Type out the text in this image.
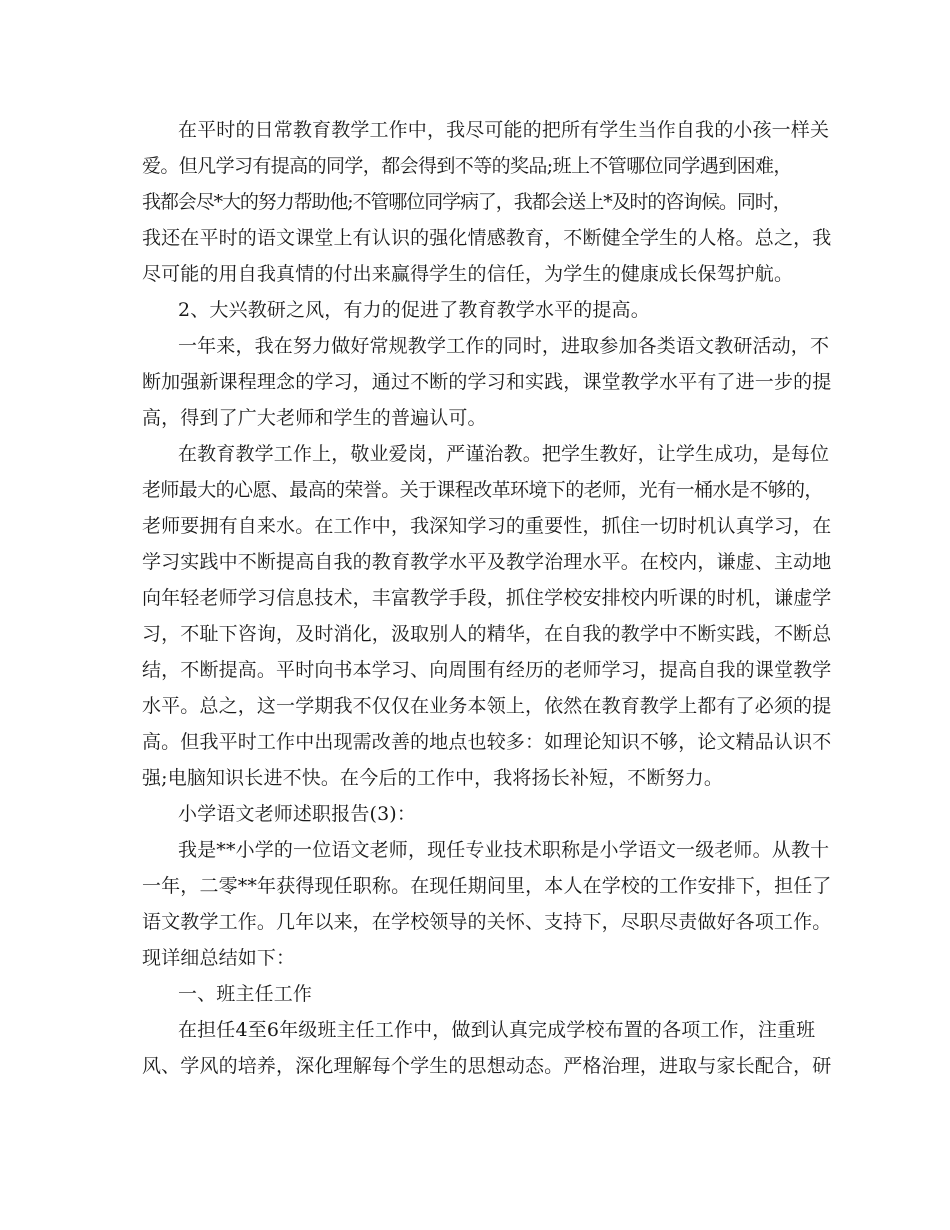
在平时的日常教育教学工作中，我尽可能的把所有学生当作自我的小孩一样关
爱。但凡学习有提高的同学，都会得到不等的奖品;班上不管哪位同学遇到困难，
我都会尽*大的努力帮助他;不管哪位同学病了，我都会送上*及时的咨询候。同时，
我还在平时的语文课堂上有认识的强化情感教育，不断健全学生的人格。总之，我
尽可能的用自我真情的付出来赢得学生的信任，为学生的健康成长保驾护航。
2、大兴教研之风，有力的促进了教育教学水平的提高。
一年来，我在努力做好常规教学工作的同时，进取参加各类语文教研活动，不
断加强新课程理念的学习，通过不断的学习和实践，课堂教学水平有了进一步的提
高，得到了广大老师和学生的普遍认可。
在教育教学工作上，敬业爱岗，严谨治教。把学生教好，让学生成功，是每位
老师最大的心愿、最高的荣誉。关于课程改革环境下的老师，光有一桶水是不够的，
老师要拥有自来水。在工作中，我深知学习的重要性，抓住一切时机认真学习，在
学习实践中不断提高自我的教育教学水平及教学治理水平。在校内，谦虚、主动地
向年轻老师学习信息技术，丰富教学手段，抓住学校安排校内听课的时机，谦虚学
习，不耻下咨询，及时消化，汲取别人的精华，在自我的教学中不断实践，不断总
结，不断提高。平时向书本学习、向周围有经历的老师学习，提高自我的课堂教学
水平。总之，这一学期我不仅仅在业务本领上，依然在教育教学上都有了必须的提
高。但我平时工作中出现需改善的地点也较多：如理论知识不够，论文精品认识不
强;电脑知识长进不快。在今后的工作中，我将扬长补短，不断努力。
小学语文老师述职报告(3)：
我是**小学的一位语文老师，现任专业技术职称是小学语文一级老师。从教十
一年，二零**年获得现任职称。在现任期间里，本人在学校的工作安排下，担任了
语文教学工作。几年以来，在学校领导的关怀、支持下，尽职尽责做好各项工作。
现详细总结如下：
一、班主任工作
在担任4至6年级班主任工作中，做到认真完成学校布置的各项工作，注重班
风、学风的培养，深化理解每个学生的思想动态。严格治理，进取与家长配合，研
